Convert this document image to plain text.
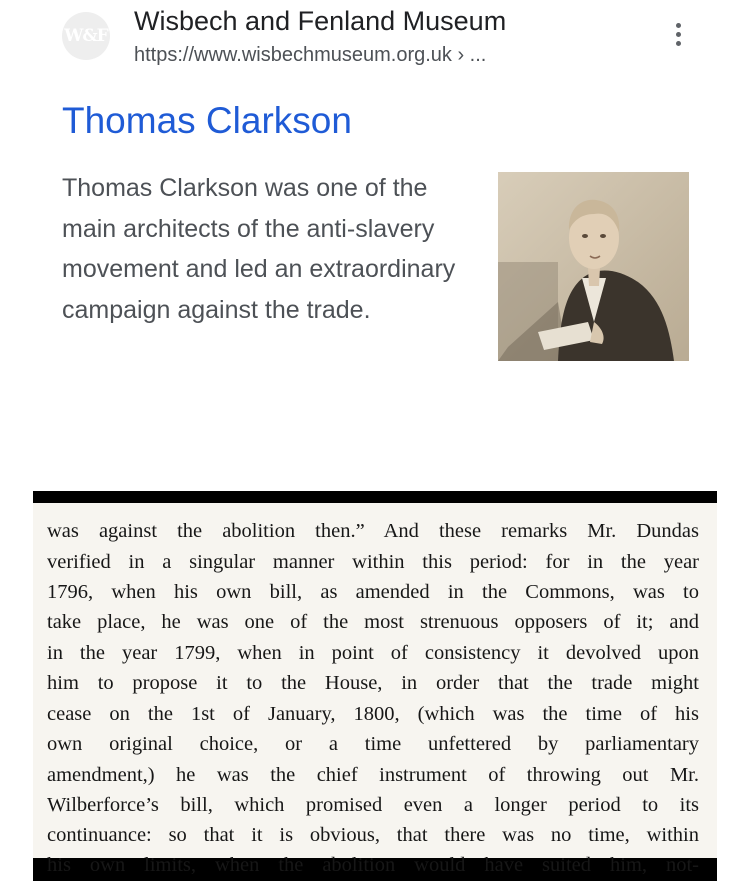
W&F Wisbech and Fenland Museum
https://www.wisbechmuseum.org.uk › ...
Thomas Clarkson
Thomas Clarkson was one of the main architects of the anti-slavery movement and led an extraordinary campaign against the trade.
was against the abolition then.” And these remarks Mr. Dundas
verified in a singular manner within this period: for in the year
1796, when his own bill, as amended in the Commons, was to
take place, he was one of the most strenuous opposers of it; and
in the year 1799, when in point of consistency it devolved upon
him to propose it to the House, in order that the trade might
cease on the 1st of January, 1800, (which was the time of his
own original choice, or a time unfettered by parliamentary
amendment,) he was the chief instrument of throwing out Mr.
Wilberforce’s bill, which promised even a longer period to its
continuance: so that it is obvious, that there was no time, within
his own limits, when the abolition would have suited him, not-
